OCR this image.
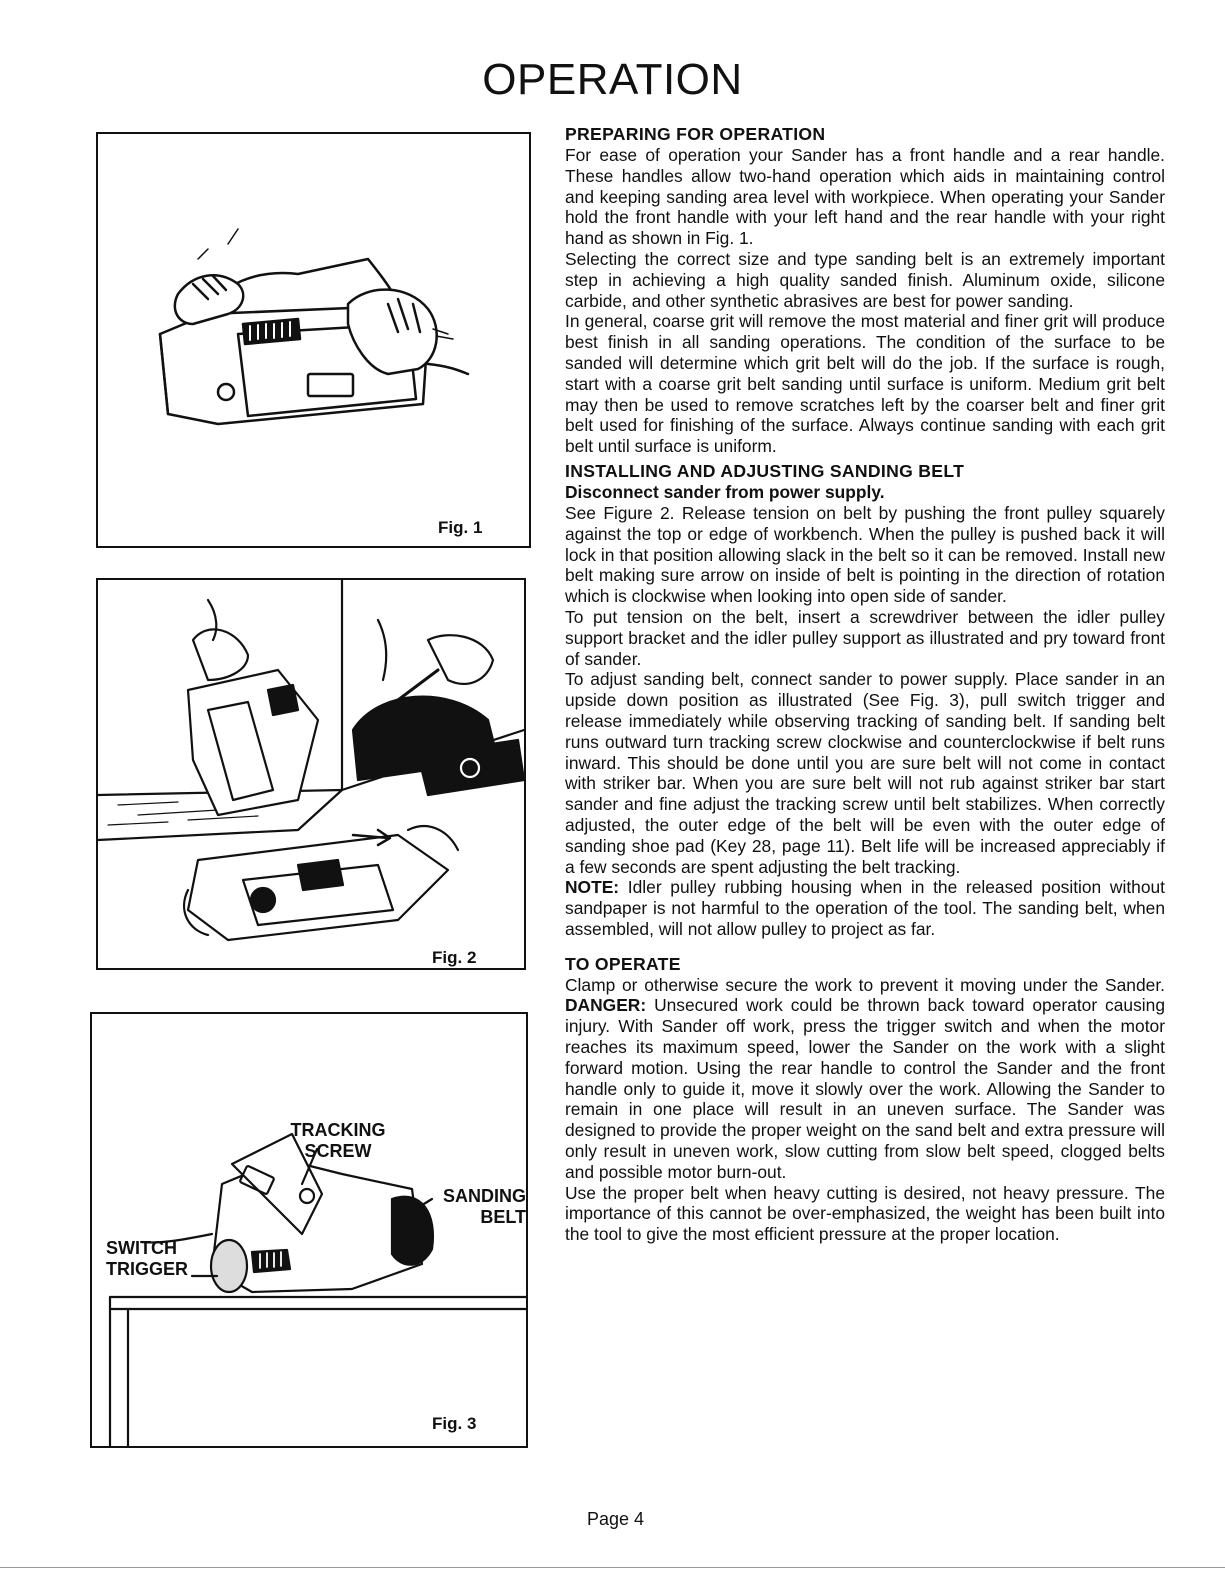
OPERATION
Fig. 1
Fig. 2
TRACKING
SCREW
SANDING
BELT
SWITCH
TRIGGER
Fig. 3
PREPARING FOR OPERATION

For ease of operation your Sander has a front handle and a rear handle. These handles allow two-hand operation which aids in maintaining control and keeping sanding area level with workpiece. When operating your Sander hold the front handle with your left hand and the rear handle with your right hand as shown in Fig. 1.

Selecting the correct size and type sanding belt is an extremely important step in achieving a high quality sanded finish. Aluminum oxide, silicone carbide, and other synthetic abrasives are best for power sanding.

In general, coarse grit will remove the most material and finer grit will produce best finish in all sanding operations. The condition of the surface to be sanded will determine which grit belt will do the job. If the surface is rough, start with a coarse grit belt sanding until surface is uniform. Medium grit belt may then be used to remove scratches left by the coarser belt and finer grit belt used for finishing of the surface. Always continue sanding with each grit belt until surface is uniform.

INSTALLING AND ADJUSTING SANDING BELT
Disconnect sander from power supply.

See Figure 2. Release tension on belt by pushing the front pulley squarely against the top or edge of workbench. When the pulley is pushed back it will lock in that position allowing slack in the belt so it can be removed. Install new belt making sure arrow on inside of belt is pointing in the direction of rotation which is clockwise when looking into open side of sander.

To put tension on the belt, insert a screwdriver between the idler pulley support bracket and the idler pulley support as illustrated and pry toward front of sander.

To adjust sanding belt, connect sander to power supply. Place sander in an upside down position as illustrated (See Fig. 3), pull switch trigger and release immediately while observing tracking of sanding belt. If sanding belt runs outward turn tracking screw clockwise and counterclockwise if belt runs inward. This should be done until you are sure belt will not come in contact with striker bar. When you are sure belt will not rub against striker bar start sander and fine adjust the tracking screw until belt stabilizes. When correctly adjusted, the outer edge of the belt will be even with the outer edge of sanding shoe pad (Key 28, page 11). Belt life will be increased appreciably if a few seconds are spent adjusting the belt tracking.

NOTE: Idler pulley rubbing housing when in the released position without sandpaper is not harmful to the operation of the tool. The sanding belt, when assembled, will not allow pulley to project as far.

TO OPERATE

Clamp or otherwise secure the work to prevent it moving under the Sander. DANGER: Unsecured work could be thrown back toward operator causing injury. With Sander off work, press the trigger switch and when the motor reaches its maximum speed, lower the Sander on the work with a slight forward motion. Using the rear handle to control the Sander and the front handle only to guide it, move it slowly over the work. Allowing the Sander to remain in one place will result in an uneven surface. The Sander was designed to provide the proper weight on the sand belt and extra pressure will only result in uneven work, slow cutting from slow belt speed, clogged belts and possible motor burn-out.

Use the proper belt when heavy cutting is desired, not heavy pressure. The importance of this cannot be over-emphasized, the weight has been built into the tool to give the most efficient pressure at the proper location.

Page 4
